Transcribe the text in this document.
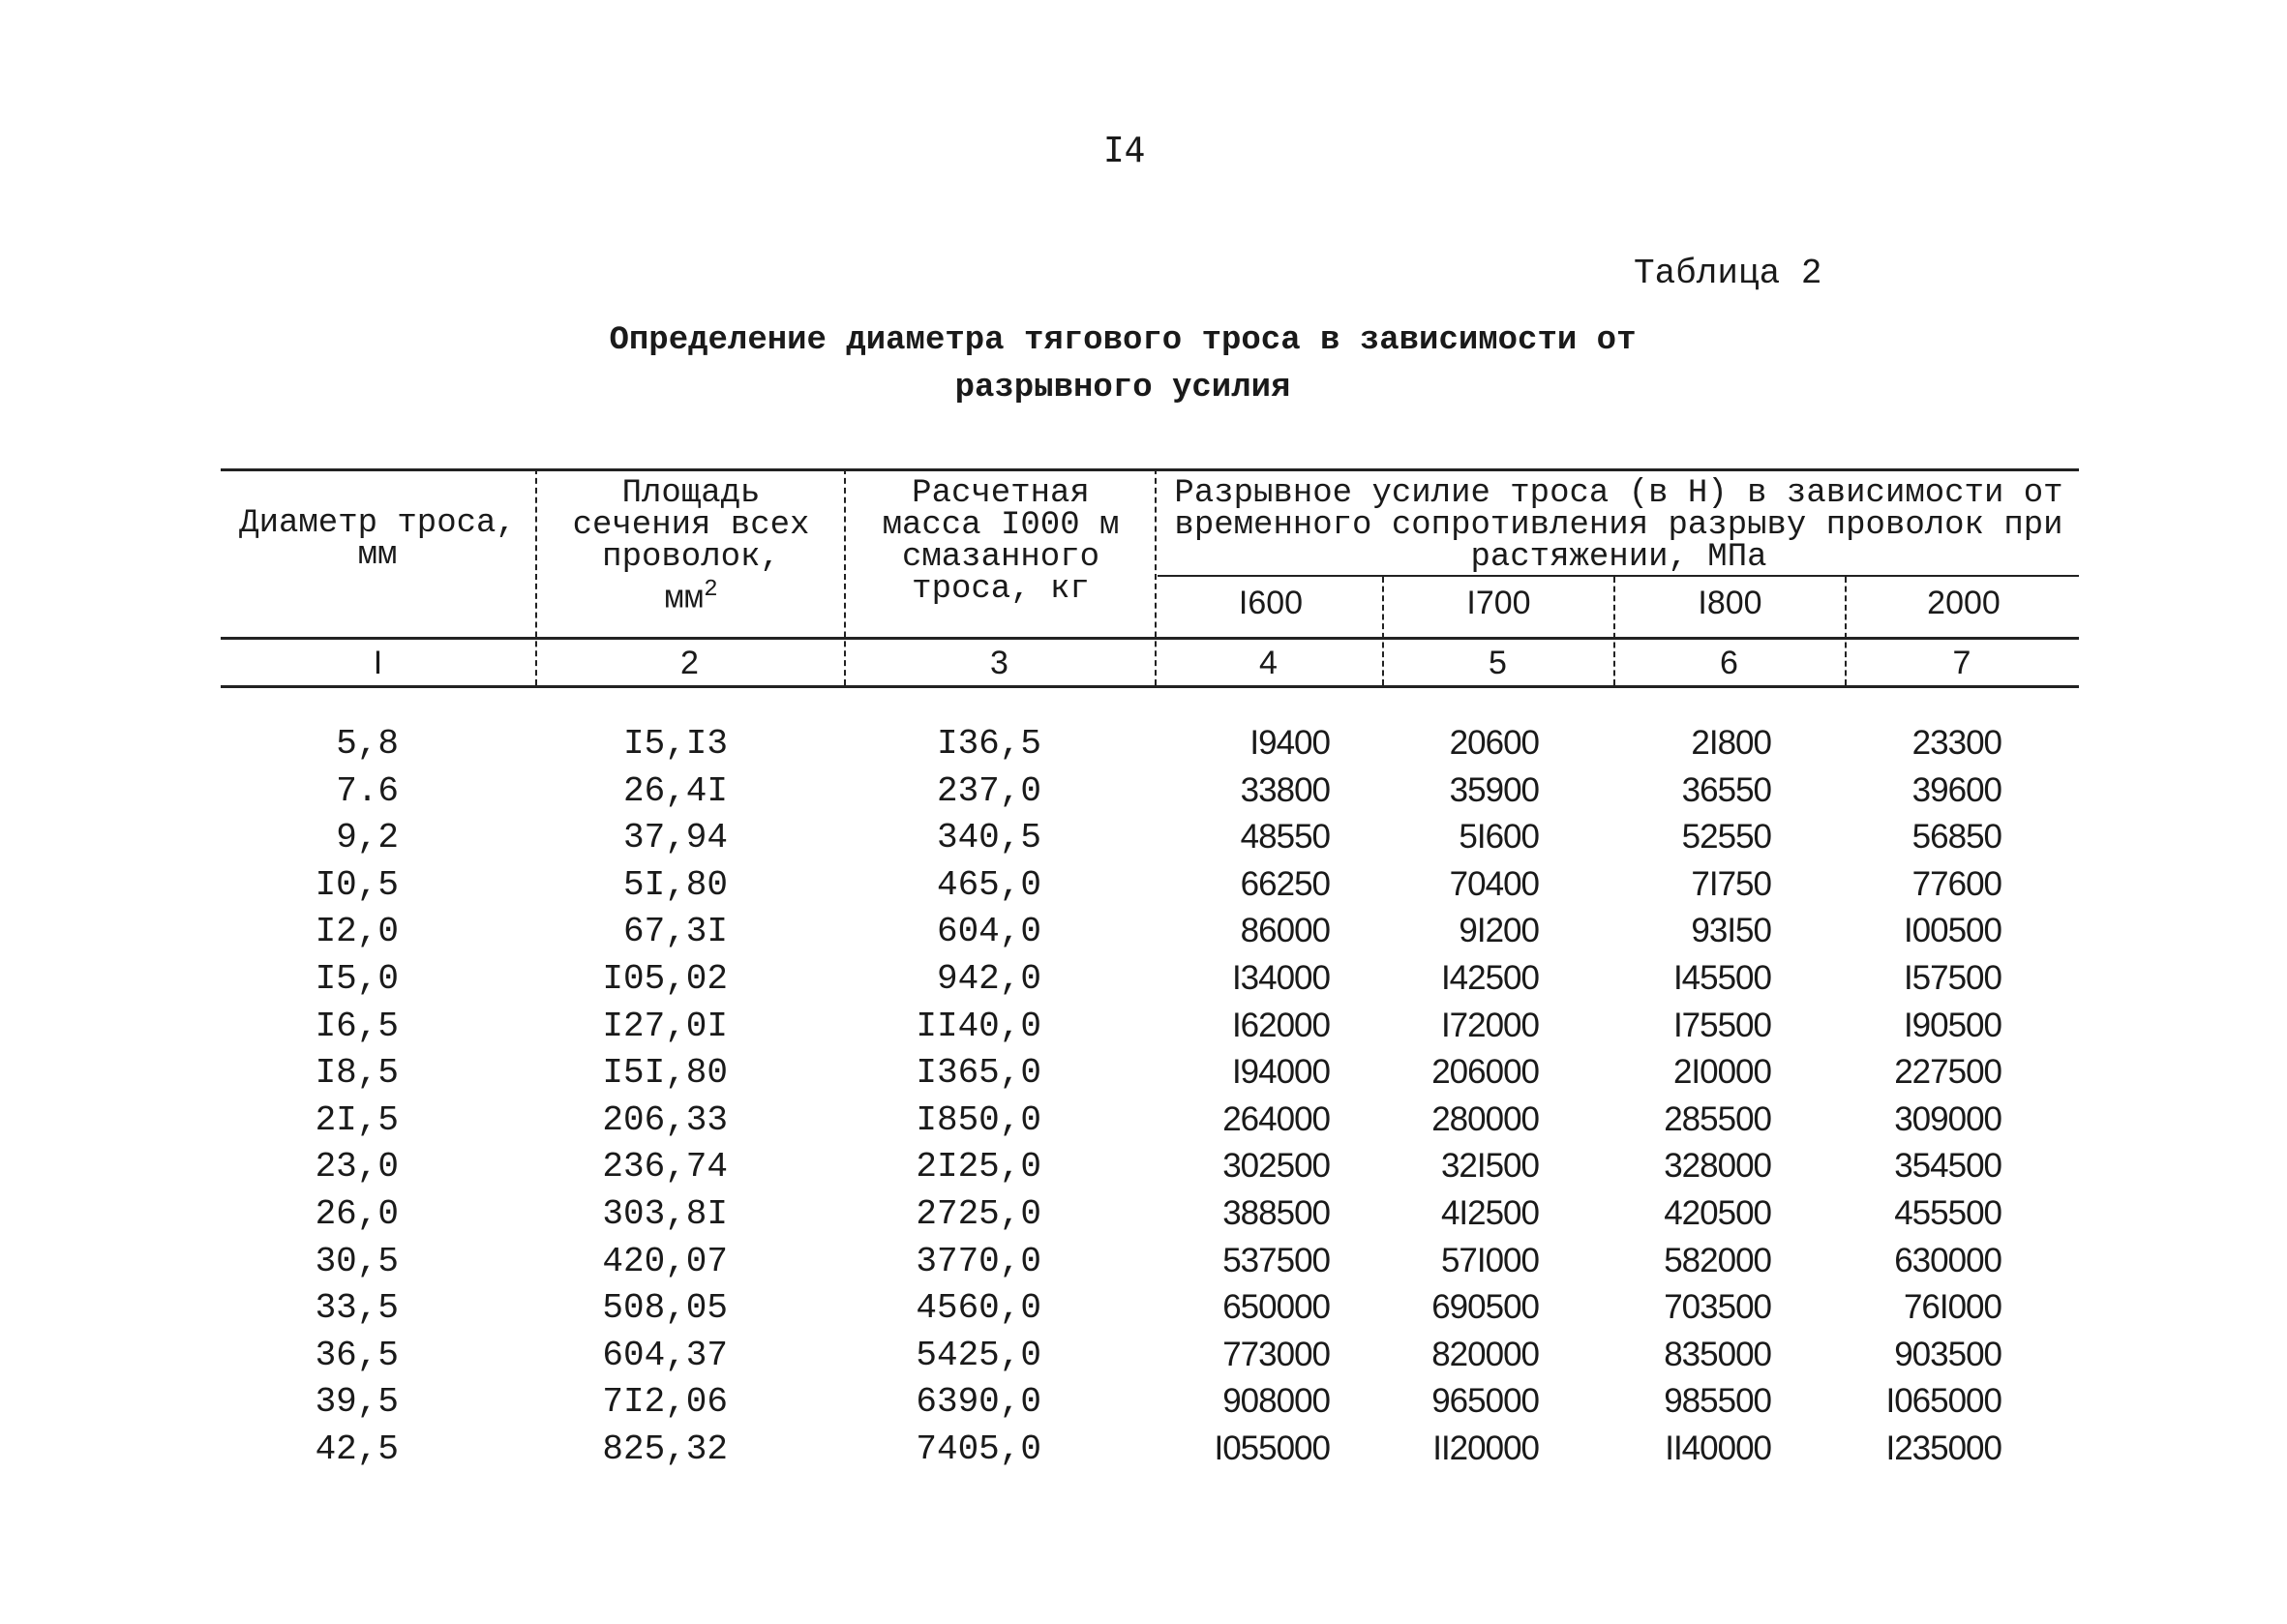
I4
Таблица 2
Определение диаметра тягового троса в зависимости от
разрывного усилия
Диаметр троса, мм
Площадь сечения всех проволок,
$мм^2$
Расчетная масса I000 м смазанного троса, кг
Разрывное усилие троса (в Н) в зависимости от временного сопротивления разрыву проволок при растяжении, МПа
I600	I700	I800	2000
I	2	3	4	5	6	7
5,8	I5,I3	I36,5	I9400	20600	2I800	23300
7.6	26,4I	237,0	33800	35900	36550	39600
9,2	37,94	340,5	48550	5I600	52550	56850
I0,5	5I,80	465,0	66250	70400	7I750	77600
I2,0	67,3I	604,0	86000	9I200	93I50	I00500
I5,0	I05,02	942,0	I34000	I42500	I45500	I57500
I6,5	I27,0I	II40,0	I62000	I72000	I75500	I90500
I8,5	I5I,80	I365,0	I94000	206000	2I0000	227500
2I,5	206,33	I850,0	264000	280000	285500	309000
23,0	236,74	2I25,0	302500	32I500	328000	354500
26,0	303,8I	2725,0	388500	4I2500	420500	455500
30,5	420,07	3770,0	537500	57I000	582000	630000
33,5	508,05	4560,0	650000	690500	703500	76I000
36,5	604,37	5425,0	773000	820000	835000	903500
39,5	7I2,06	6390,0	908000	965000	985500	I065000
42,5	825,32	7405,0	I055000	II20000	II40000	I235000
